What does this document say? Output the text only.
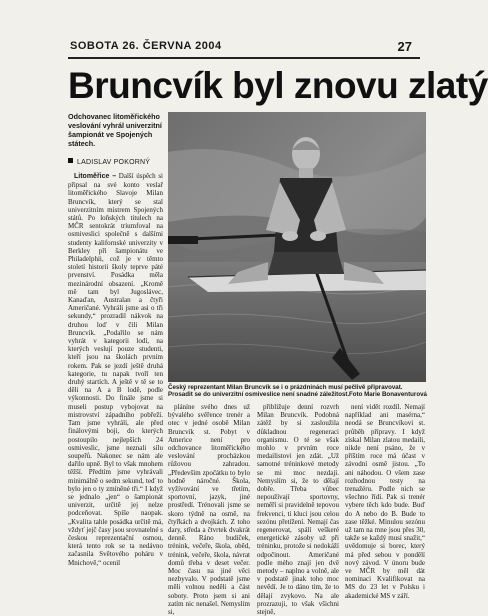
SOBOTA 26. ČERVNA 2004	27
Bruncvík byl znovu zlatý
Odchovanec litoměřického veslování vyhrál univerzitní šampionát ve Spojených státech.
LADISLAV POKORNÝ

Litoměřice – Další úspěch si připsal na své konto veslař litoměřického Slavoje Milan Bruncvík, který se stal univerzitním mistrem Spojených států. Po loňských titulech na MČR sentokrát triumfoval na osmiveslici společně s dalšími studenty kalifornské univerzity v Berkley při šampionátu ve Philadelphii, což je v těmto století historii školy teprve páté prvenství. Posádka měla mezinárodní obsazení. „Kromě mě tam byl Jugoslávec, Kanaďan, Australan a čtyři Američané. Vyhráli jsme asi o tři sekundy,“ prozradil nákvok na druhou loď v čili Milan Bruncvík. „Podařilo se nám vyhrát v kategorii lodí, na kterých veslují pouze studenti, kteří jsou na školách prvním rokem. Pak se jezdí ještě druhá kategorie, tu napak tvoří ten druhý startích. A ještě v tě se to děli na A a B lodě, podle výkonnosti. Do finále jsme si museli postup vybojovat na mistrovství západního pobřeží. Tam jsme vyhráli, ale před finálovými boji, do kterých postoupilo nejlepších 24 osmiveslic, jsme neznali sílu soupeřů. Nakonec se nám ale dařilo upně. Byl to však mnohem těžší. Předtím jsme vyhrávali minimálně o sedm sekund, teď to bylo jen o ty zmíněné tři.“ I když se jednalo „jen“ o šampionát univerzit, určitě jej nelze podceňovat. Spíše naopak. „Kvalita tahle posádka určitě má, vždyť jejč časy jsou srovnatelné s českou reprezentační osmou, která tento rok se ta nedávno začasnila Světového poháru v Mnichově,“ ocenil

Český reprezentant Milan Bruncvík se i o prázdninách musí pečlivě připravovat. Prosadit se do univerzitní osmiveslice není snadné záležitost. Foto Marie Bonaventurová

pláníne svého dnes už bývalého svěřence trenér a otec v jedné osobě Milan Bruncvík st. Pobyt v Americe není pro odchovance litoměřického veslování procházkou růžovou zahradou. „Především zpočátku to bylo hodně náročné. Škola, vyžívování ve třetím, sportovní, jazyk, jiné prostředí. Trénovali jsme se skoro týdně na osmě, na čtyřkách a dvojkách. Z toho dary, středa a čtvrtek dvakrát denně. Ráno budíček, trénink, večeře, škola, oběd, trénink, večeře, škola, návrat domů třeba v deset večer. Moc času na jiné věci nezbyvalo. V podstatě jsme měli volnou neděli a část soboty. Proto jsem si ani zatím nic nenašel. Nemyslím si,

přibližuje denní rozvrh Milan Bruncvík. Podobná zátěž by si zasloužila důkladnou regeneraci organismu. O té se však mohlo v prvním roce medailistovi jen zdát. „Už samotné tréninkové metody se mi moc nezdají. Nemyslím si, že to dělají dobře. Třeba vůbec nepoužívají sportovny, neměří si pravidelně tepovou frekvenci, ti kluci jsou celou sezónu přetížení. Nemají čas regenerovat, spálí veškeré energetické zásoby už při tréninku, protože si nedokáží odpočinout. Američané podle mého znají jen dvě metody – naplno a volně, ale v podstatě jinak toho moc nevědí. Je to dáno tím, že to dělají zvykovo. Na ale prozrazuji, to však všichni stejně,

není vidět rozdíl. Nemají například ani masérna,“ neodá se Bruncvíkovi st. průběh přípravy. I když získal Milan zlatou medaili, nikde není psáno, že v příštím roce má účast v závodní osmě jistou. „To ani náhodou. O všem zase rozhodnou testy na trenažéru. Podle nich se všechno řídí. Pak si trenér vybere těch kdo bude. Buď do A nebo do B. Bude to zase těžké. Minulou sezónu už tam na mne jsou přes 30, takže se každý musí snažit,“ uvědomuje si borec, který má před sebou v pondělí nový závod. V únoru bude ve MČR by měl dát nominaci Kvalifikovat na MS do 23 let v Polsku i akademické MS v září.
